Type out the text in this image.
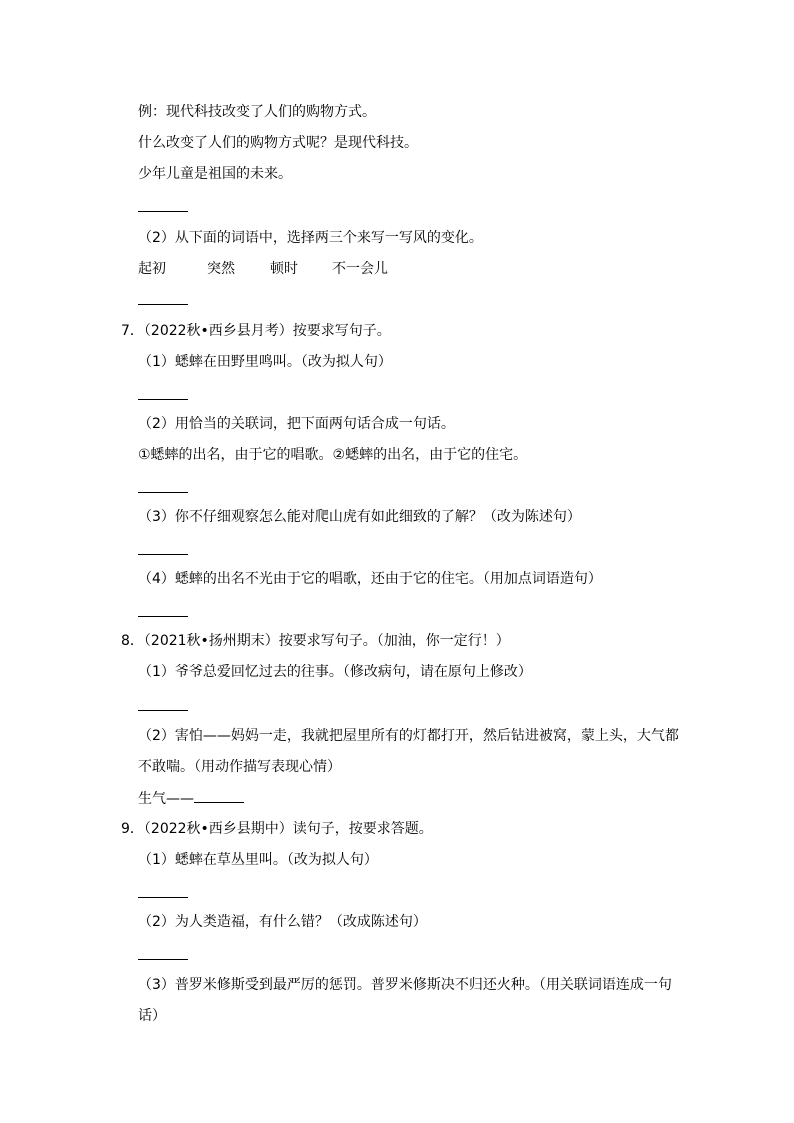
例：现代科技改变了人们的购物方式。
什么改变了人们的购物方式呢？是现代科技。
少年儿童是祖国的未来。
（2）从下面的词语中，选择两三个来写一写风的变化。
起初	突然	顿时 不一会儿
7．（2022秋•西乡县月考）按要求写句子。
（1）蟋蟀在田野里鸣叫。（改为拟人句）
（2）用恰当的关联词，把下面两句话合成一句话。
①蟋蟀的出名，由于它的唱歌。②蟋蟀的出名，由于它的住宅。
（3）你不仔细观察怎么能对爬山虎有如此细致的了解？（改为陈述句）
（4）蟋蟀的出名不光由于它的唱歌，还由于它的住宅。（用加点词语造句）
8．（2021秋•扬州期末）按要求写句子。（加油，你一定行！）
（1）爷爷总爱回忆过去的往事。（修改病句，请在原句上修改）
（2）害怕——妈妈一走，我就把屋里所有的灯都打开，然后钻进被窝，蒙上头，大气都
不敢喘。（用动作描写表现心情）
生气——
9．（2022秋•西乡县期中）读句子，按要求答题。
（1）蟋蟀在草丛里叫。（改为拟人句）
（2）为人类造福，有什么错？（改成陈述句）
（3）普罗米修斯受到最严厉的惩罚。普罗米修斯决不归还火种。（用关联词语连成一句
话）
